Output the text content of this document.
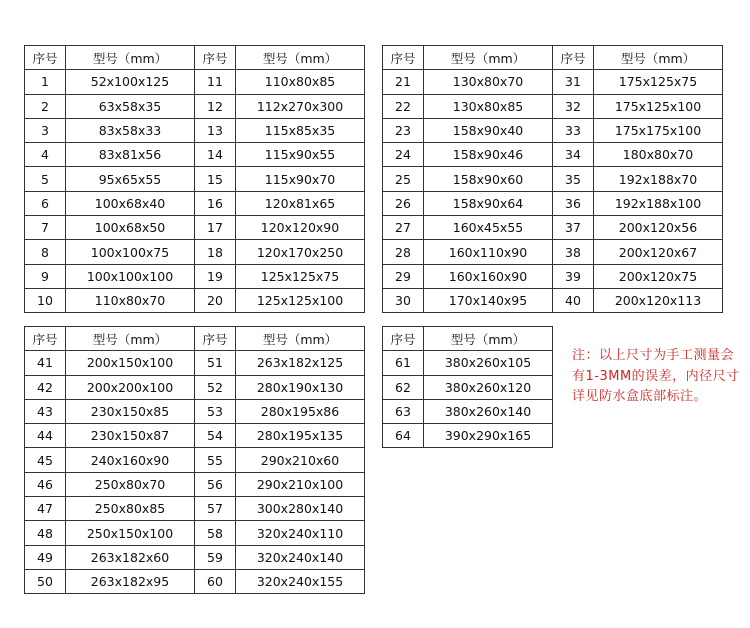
序号	型号（mm）	序号	型号（mm）
1	52x100x125	11	110x80x85
2	63x58x35	12	112x270x300
3	83x58x33	13	115x85x35
4	83x81x56	14	115x90x55
5	95x65x55	15	115x90x70
6	100x68x40	16	120x81x65
7	100x68x50	17	120x120x90
8	100x100x75	18	120x170x250
9	100x100x100	19	125x125x75
10	110x80x70	20	125x125x100
序号	型号（mm）	序号	型号（mm）
21	130x80x70	31	175x125x75
22	130x80x85	32	175x125x100
23	158x90x40	33	175x175x100
24	158x90x46	34	180x80x70
25	158x90x60	35	192x188x70
26	158x90x64	36	192x188x100
27	160x45x55	37	200x120x56
28	160x110x90	38	200x120x67
29	160x160x90	39	200x120x75
30	170x140x95	40	200x120x113
序号	型号（mm）	序号	型号（mm）
41	200x150x100	51	263x182x125
42	200x200x100	52	280x190x130
43	230x150x85	53	280x195x86
44	230x150x87	54	280x195x135
45	240x160x90	55	290x210x60
46	250x80x70	56	290x210x100
47	250x80x85	57	300x280x140
48	250x150x100	58	320x240x110
49	263x182x60	59	320x240x140
50	263x182x95	60	320x240x155
序号	型号（mm）
61	380x260x105
62	380x260x120
63	380x260x140
64	390x290x165
注：以上尺寸为手工测量会有1-3MM的误差，内径尺寸详见防水盒底部标注。
